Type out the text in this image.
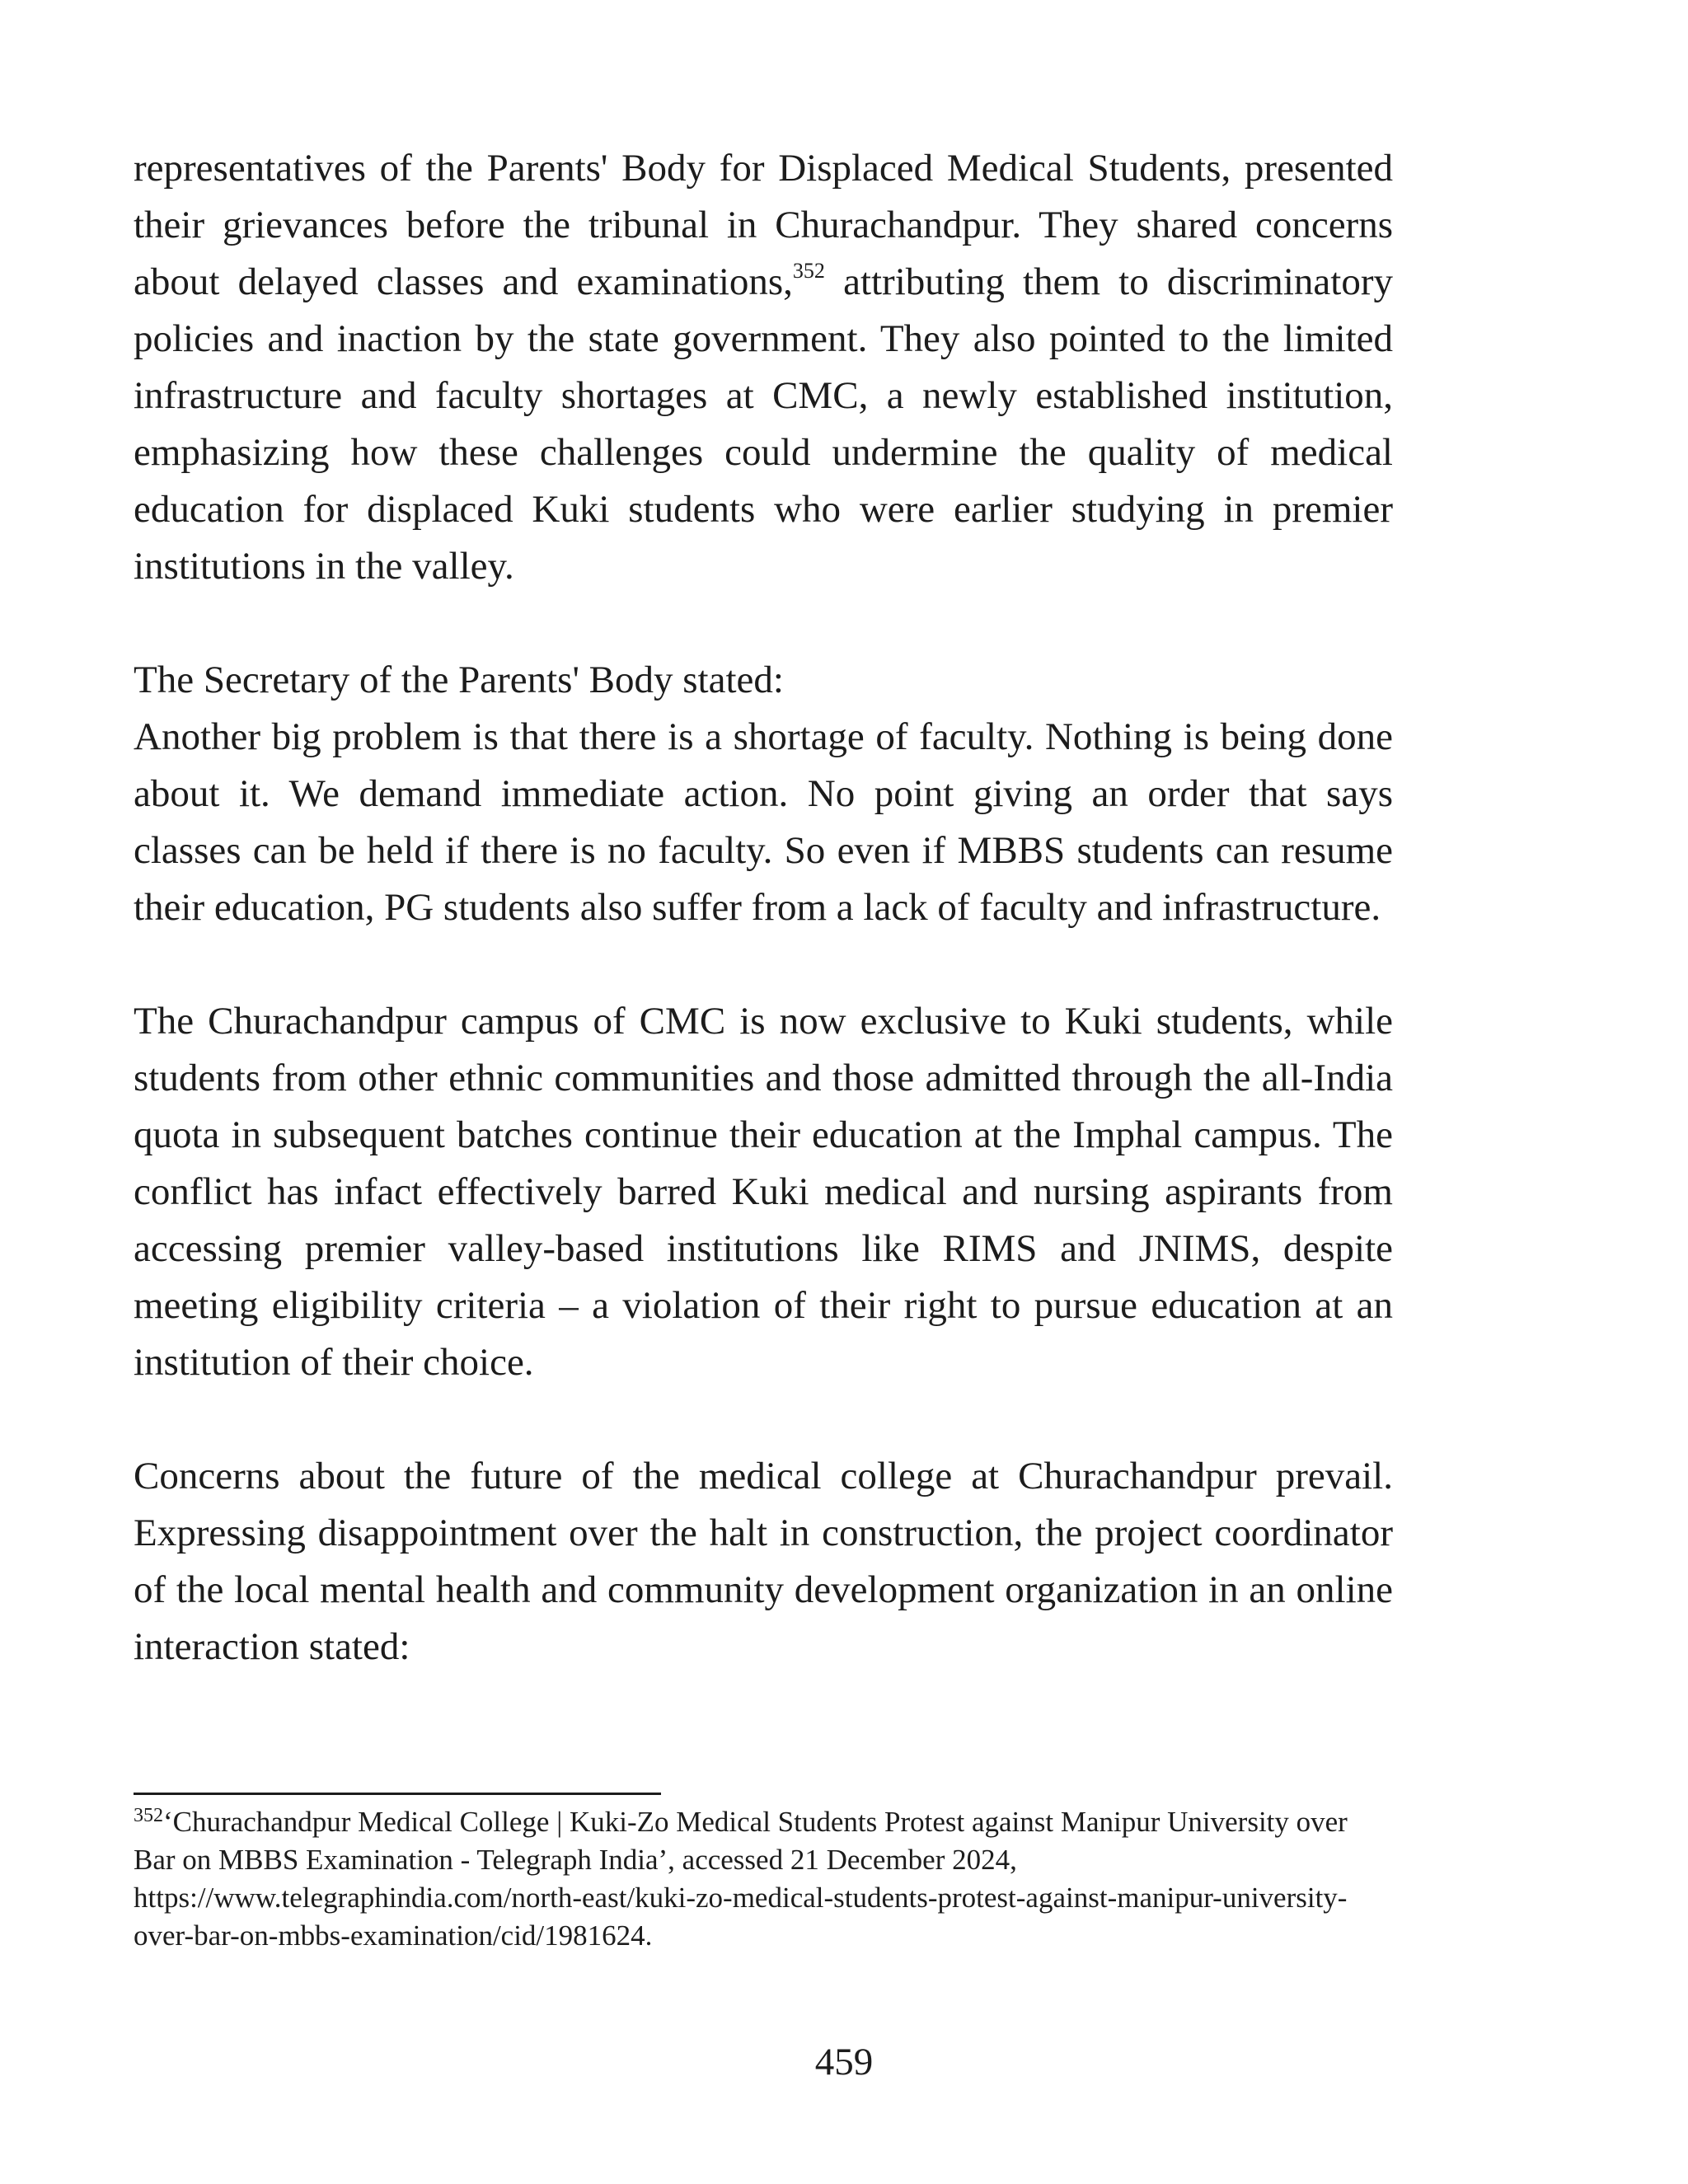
representatives of the Parents' Body for Displaced Medical Students, presented their grievances before the tribunal in Churachandpur. They shared concerns about delayed classes and examinations,$^{352}$ attributing them to discriminatory policies and inaction by the state government. They also pointed to the limited infrastructure and faculty shortages at CMC, a newly established institution, emphasizing how these challenges could undermine the quality of medical education for displaced Kuki students who were earlier studying in premier institutions in the valley.

The Secretary of the Parents' Body stated:

Another big problem is that there is a shortage of faculty. Nothing is being done about it. We demand immediate action. No point giving an order that says classes can be held if there is no faculty. So even if MBBS students can resume their education, PG students also suffer from a lack of faculty and infrastructure.

The Churachandpur campus of CMC is now exclusive to Kuki students, while students from other ethnic communities and those admitted through the all-India quota in subsequent batches continue their education at the Imphal campus. The conflict has infact effectively barred Kuki medical and nursing aspirants from accessing premier valley-based institutions like RIMS and JNIMS, despite meeting eligibility criteria – a violation of their right to pursue education at an institution of their choice.

Concerns about the future of the medical college at Churachandpur prevail. Expressing disappointment over the halt in construction, the project coordinator of the local mental health and community development organization in an online interaction stated:

$^{352}$‘Churachandpur Medical College | Kuki-Zo Medical Students Protest against Manipur University over Bar on MBBS Examination - Telegraph India’, accessed 21 December 2024, https://www.telegraphindia.com/north-east/kuki-zo-medical-students-protest-against-manipur-university-over-bar-on-mbbs-examination/cid/1981624.

459
